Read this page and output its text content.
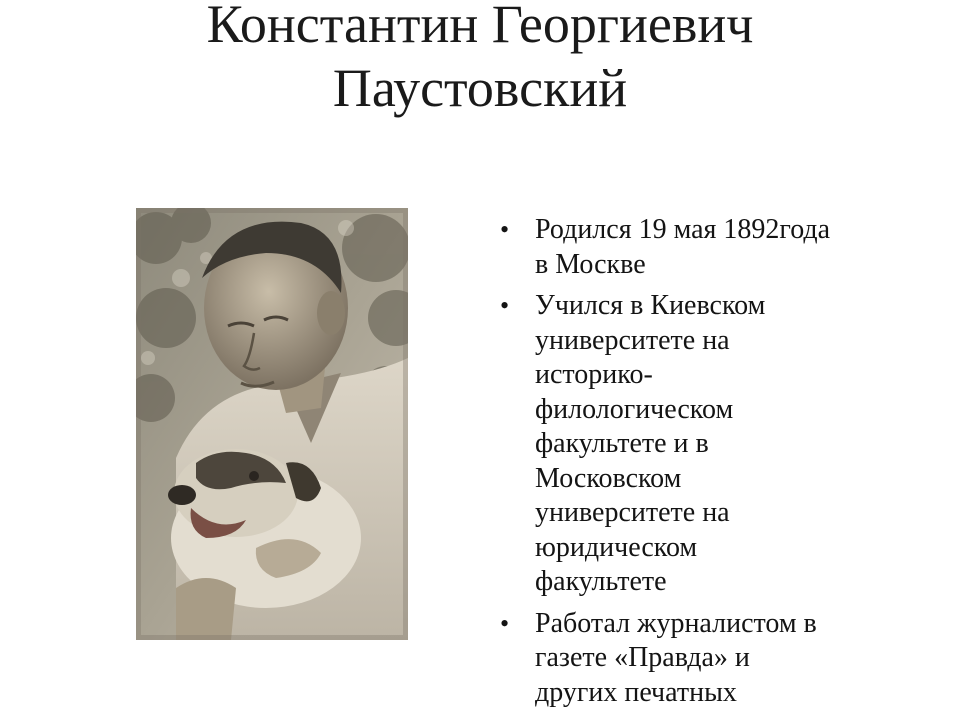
Константин Георгиевич
Паустовский
• Родился 19 мая 1892года
в Москве
• Учился в Киевском
университете на
историко-
филологическом
факультете и в
Московском
университете на
юридическом
факультете
• Работал журналистом в
газете «Правда» и
других печатных
